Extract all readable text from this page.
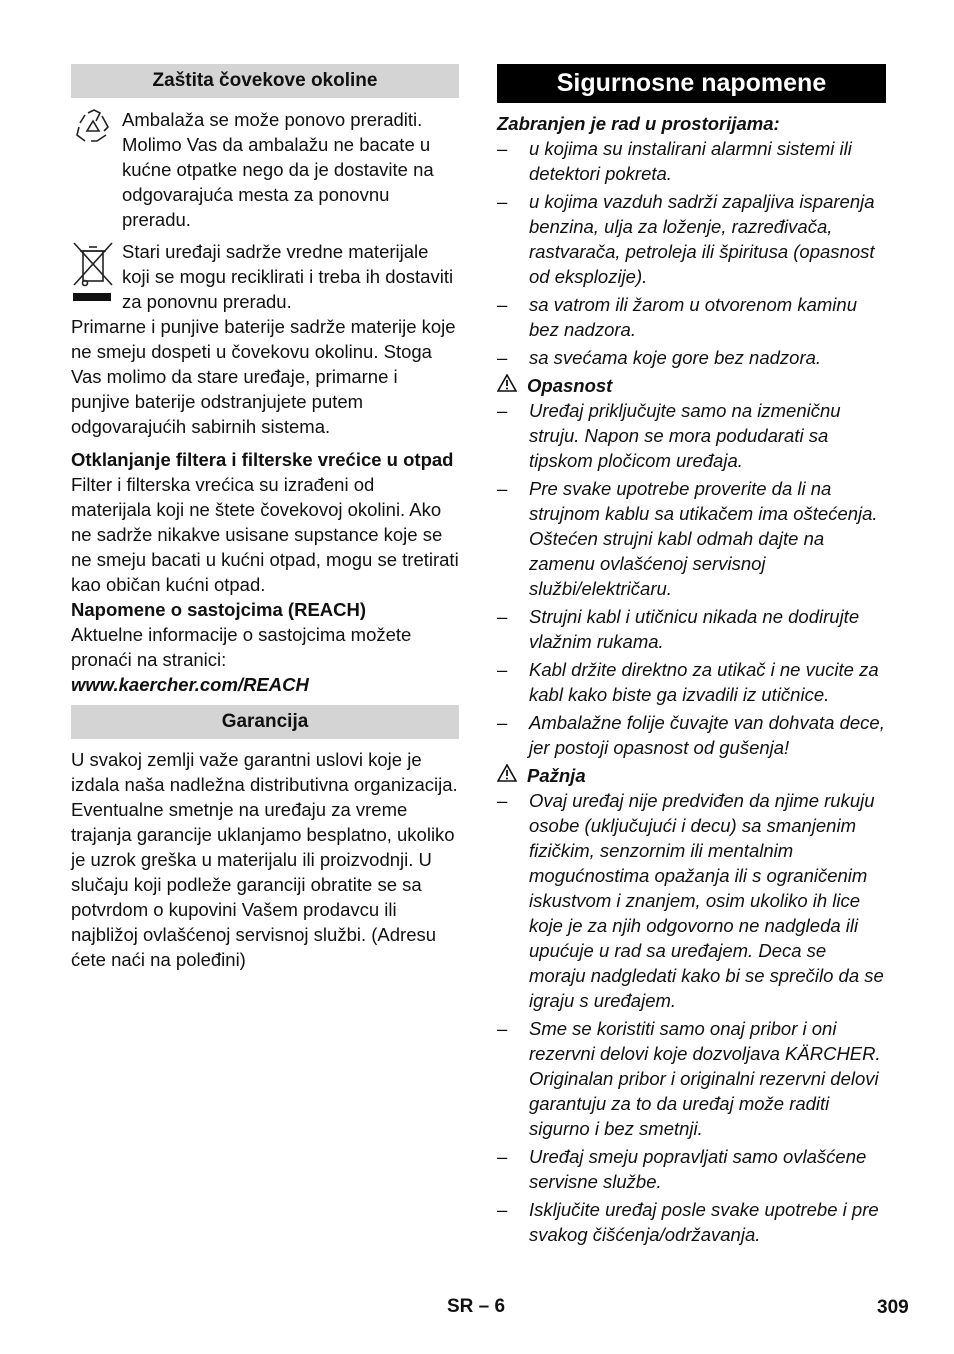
Zaštita čovekove okoline

Ambalaža se može ponovo preraditi. Molimo Vas da ambalažu ne bacate u kućne otpatke nego da je dostavite na odgovarajuća mesta za ponovnu preradu.

Stari uređaji sadrže vredne materijale koji se mogu reciklirati i treba ih dostaviti za ponovnu preradu.

Primarne i punjive baterije sadrže materije koje ne smeju dospeti u čovekovu okolinu. Stoga Vas molimo da stare uređaje, primarne i punjive baterije odstranjujete putem odgovarajućih sabirnih sistema.

Otklanjanje filtera i filterske vrećice u otpad

Filter i filterska vrećica su izrađeni od materijala koji ne štete čovekovoj okolini. Ako ne sadrže nikakve usisane supstance koje se ne smeju bacati u kućni otpad, mogu se tretirati kao običan kućni otpad.

Napomene o sastojcima (REACH)

Aktuelne informacije o sastojcima možete pronaći na stranici:

www.kaercher.com/REACH

Garancija

U svakoj zemlji važe garantni uslovi koje je izdala naša nadležna distributivna organizacija. Eventualne smetnje na uređaju za vreme trajanja garancije uklanjamo besplatno, ukoliko je uzrok greška u materijalu ili proizvodnji. U slučaju koji podleže garanciji obratite se sa potvrdom o kupovini Vašem prodavcu ili najbližoj ovlašćenoj servisnoj službi. (Adresu ćete naći na poleđini)

Sigurnosne napomene

Zabranjen je rad u prostorijama:

– u kojima su instalirani alarmni sistemi ili detektori pokreta.
– u kojima vazduh sadrži zapaljiva isparenja benzina, ulja za loženje, razređivača, rastvarača, petroleja ili špiritusa (opasnost od eksplozije).
– sa vatrom ili žarom u otvorenom kaminu bez nadzora.
– sa svećama koje gore bez nadzora.
Opasnost
– Uređaj priključujte samo na izmeničnu struju. Napon se mora podudarati sa tipskom pločicom uređaja.
– Pre svake upotrebe proverite da li na strujnom kablu sa utikačem ima oštećenja. Oštećen strujni kabl odmah dajte na zamenu ovlašćenoj servisnoj službi/električaru.
– Strujni kabl i utičnicu nikada ne dodirujte vlažnim rukama.
– Kabl držite direktno za utikač i ne vucite za kabl kako biste ga izvadili iz utičnice.
– Ambalažne folije čuvajte van dohvata dece, jer postoji opasnost od gušenja!
Pažnja
– Ovaj uređaj nije predviđen da njime rukuju osobe (uključujući i decu) sa smanjenim fizičkim, senzornim ili mentalnim mogućnostima opažanja ili s ograničenim iskustvom i znanjem, osim ukoliko ih lice koje je za njih odgovorno ne nadgleda ili upućuje u rad sa uređajem. Deca se moraju nadgledati kako bi se sprečilo da se igraju s uređajem.
– Sme se koristiti samo onaj pribor i oni rezervni delovi koje dozvoljava KÄRCHER. Originalan pribor i originalni rezervni delovi garantuju za to da uređaj može raditi sigurno i bez smetnji.
– Uređaj smeju popravljati samo ovlašćene servisne službe.
– Isključite uređaj posle svake upotrebe i pre svakog čišćenja/održavanja.
SR – 6	309
